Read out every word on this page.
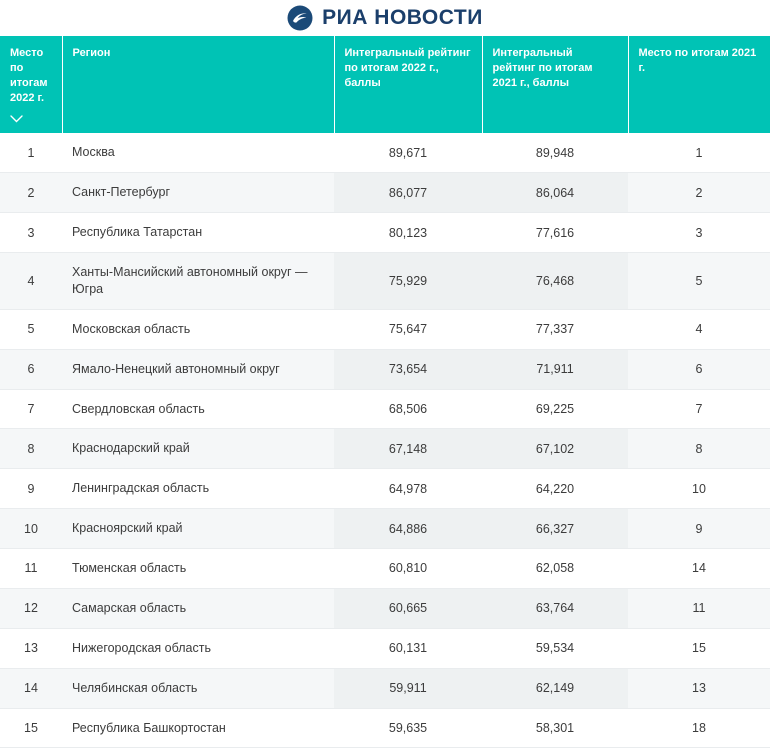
РИА НОВОСТИ
Место по итогам 2022 г.	Регион	Интегральный рейтинг по итогам 2022 г., баллы	Интегральный рейтинг по итогам 2021 г., баллы	Место по итогам 2021 г.
1	Москва	89,671	89,948	1
2	Санкт-Петербург	86,077	86,064	2
3	Республика Татарстан	80,123	77,616	3
4	Ханты-Мансийский автономный округ — Югра	75,929	76,468	5
5	Московская область	75,647	77,337	4
6	Ямало-Ненецкий автономный округ	73,654	71,911	6
7	Свердловская область	68,506	69,225	7
8	Краснодарский край	67,148	67,102	8
9	Ленинградская область	64,978	64,220	10
10	Красноярский край	64,886	66,327	9
11	Тюменская область	60,810	62,058	14
12	Самарская область	60,665	63,764	11
13	Нижегородская область	60,131	59,534	15
14	Челябинская область	59,911	62,149	13
15	Республика Башкортостан	59,635	58,301	18
